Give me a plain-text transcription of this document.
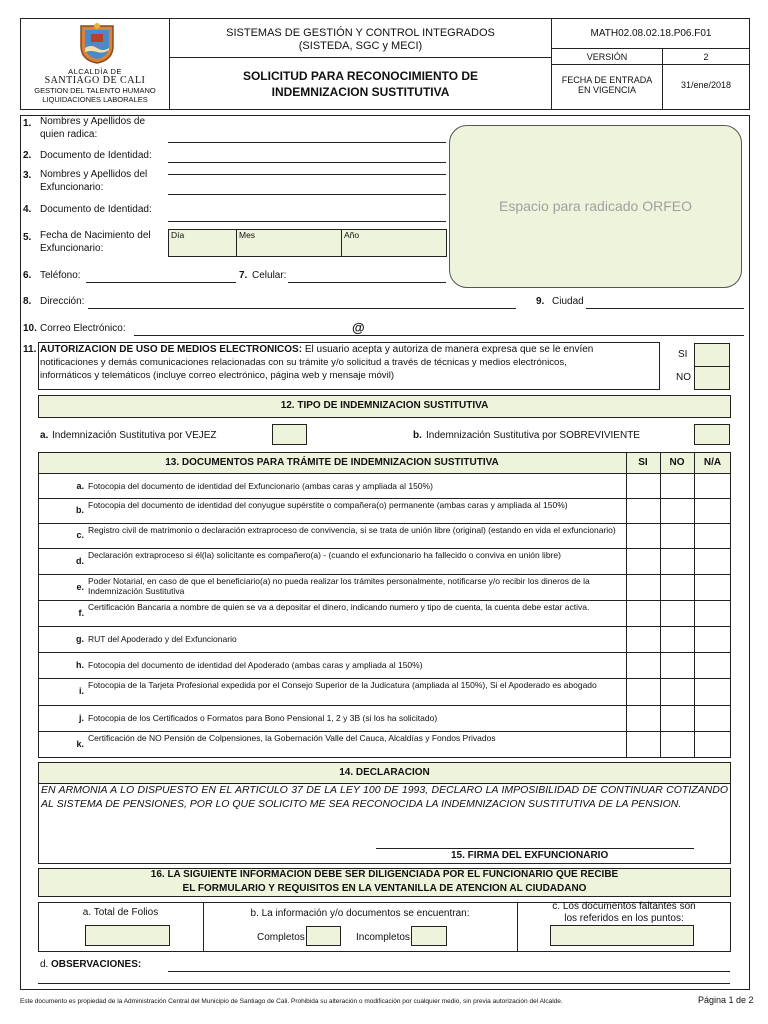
ALCALDÍA DE
SANTIAGO DE CALI
GESTION DEL TALENTO HUMANO
LIQUIDACIONES LABORALES
SISTEMAS DE GESTIÓN Y CONTROL INTEGRADOS
(SISTEDA, SGC y MECI)
SOLICITUD PARA RECONOCIMIENTO DE
INDEMNIZACION SUSTITUTIVA
MATH02.08.02.18.P06.F01
VERSIÓN	2
FECHA DE ENTRADA
EN VIGENCIA	31/ene/2018
1. Nombres y Apellidos de
quien radica:
2. Documento de Identidad:
3. Nombres y Apellidos del
Exfuncionario:
4. Documento de Identidad:
5. Fecha de Nacimiento del
Exfuncionario:
Día	Mes	Año
Espacio para radicado ORFEO
6. Teléfono:	7. Celular:
8. Dirección:	9. Ciudad
10. Correo Electrónico:	@
11. AUTORIZACION DE USO DE MEDIOS ELECTRONICOS: El usuario acepta y autoriza de manera expresa que se le envíen
notificaciones y demás comunicaciones relacionadas con su trámite y/o solicitud a través de técnicas y medios electrónicos,
informáticos y telemáticos (incluye correo electrónico, página web y mensaje móvil)
SI
NO
12. TIPO DE INDEMNIZACION SUSTITUTIVA
a. Indemnización Sustitutiva por VEJEZ	b. Indemnización Sustitutiva por SOBREVIVIENTE
13. DOCUMENTOS PARA TRÁMITE DE INDEMNIZACION SUSTITUTIVA	SI	NO	N/A
a. Fotocopia del documento de identidad del Exfuncionario (ambas caras y ampliada al 150%)
b. Fotocopia del documento de identidad del conyugue supérstite o compañera(o) permanente (ambas caras y ampliada al 150%)
c. Registro civil de matrimonio o declaración extraproceso de convivencia, si se trata de unión libre (original) (estando en vida el exfuncionario)
d.
Declaración extraproceso si él(la) solicitante es compañero(a) - (cuando el exfuncionario ha fallecido o conviva en unión libre)
e.
Poder Notarial, en caso de que el beneficiario(a) no pueda realizar los trámites personalmente, notificarse y/o recibir los dineros de la Indemnización Sustitutiva
f.
Certificación Bancaria a nombre de quien se va a depositar el dinero, indicando numero y tipo de cuenta, la cuenta debe estar activa.
g. RUT del Apoderado y del Exfuncionario
h. Fotocopia del documento de identidad del Apoderado (ambas caras y ampliada al 150%)
i.
Fotocopia de la Tarjeta Profesional expedida por el Consejo Superior de la Judicatura (ampliada al 150%), Si el Apoderado es abogado
j. Fotocopia de los Certificados o Formatos para Bono Pensional 1, 2 y 3B (si los ha solicitado)
k.
Certificación de NO Pensión de Colpensiones, la Gobernación Valle del Cauca, Alcaldías y Fondos Privados
14. DECLARACION
EN ARMONIA A LO DISPUESTO EN EL ARTICULO 37 DE LA LEY 100 DE 1993, DECLARO LA IMPOSIBILIDAD DE CONTINUAR COTIZANDO AL SISTEMA DE PENSIONES, POR LO QUE SOLICITO ME SEA RECONOCIDA LA INDEMNIZACION SUSTITUTIVA DE LA PENSION.
15. FIRMA DEL EXFUNCIONARIO
16. LA SIGUIENTE INFORMACION DEBE SER DILIGENCIADA POR EL FUNCIONARIO QUE RECIBE
EL FORMULARIO Y REQUISITOS EN LA VENTANILLA DE ATENCION AL CIUDADANO
a. Total de Folios	b. La información y/o documentos se encuentran:
Completos	Incompletos
c. Los documentos faltantes son
los referidos en los puntos:
d. OBSERVACIONES:
Este documento es propiedad de la Administración Central del Municipio de Santiago de Cali. Prohibida su alteración o modificación por cualquier medio, sin previa autorización del Alcalde.	Página 1 de 2
